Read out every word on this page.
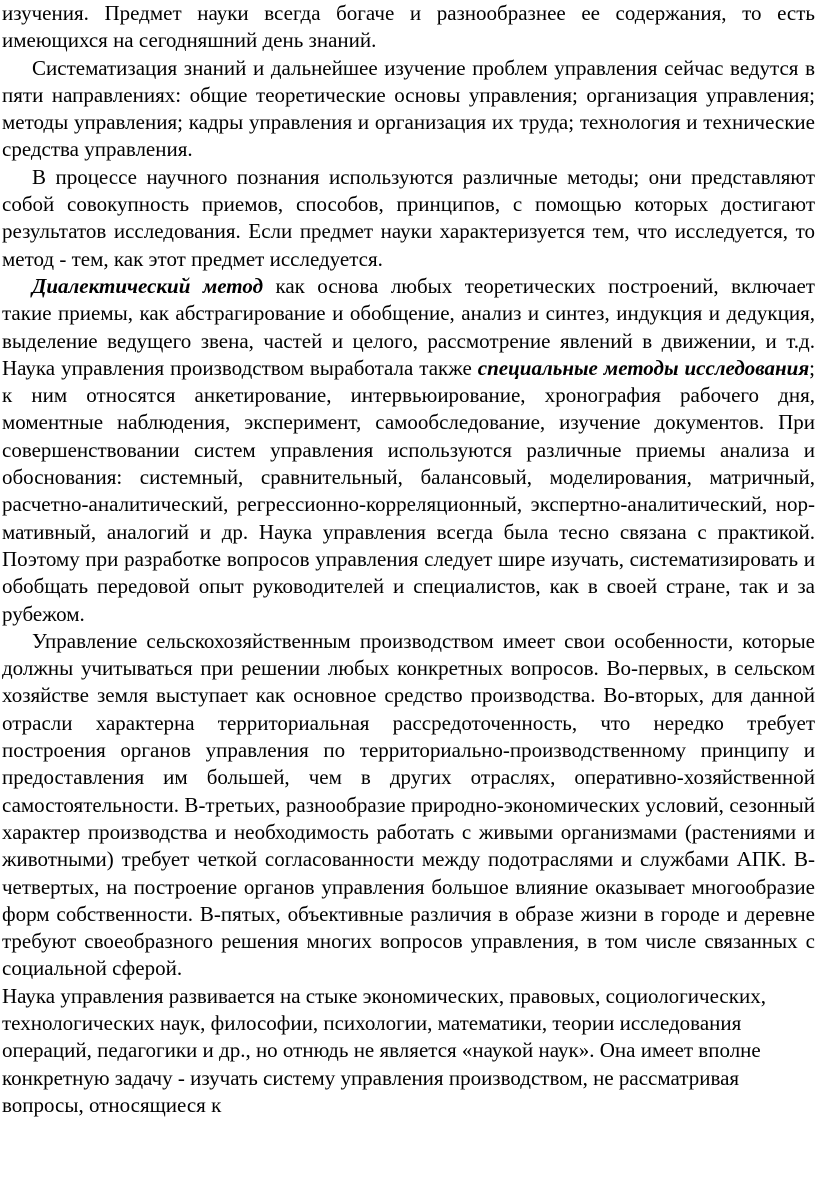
изучения. Предмет науки всегда богаче и разнообразнее ее содержания, то есть имеющихся на сегодняшний день знаний.

Систематизация знаний и дальнейшее изучение проблем управления сейчас ведутся в пяти направлениях: общие теоретические основы управления; организация управления; методы управления; кадры управления и организация их труда; технология и технические средства управления.

В процессе научного познания используются различные методы; они представляют собой совокупность приемов, способов, принципов, с помощью которых достигают результатов исследования. Если предмет науки характеризуется тем, что исследуется, то метод - тем, как этот предмет исследуется.

Диалектический метод как основа любых теоретических построений, включает такие приемы, как абстрагирование и обобщение, анализ и синтез, индукция и дедукция, выделение ведущего звена, частей и целого, рассмотрение явлений в движении, и т.д. Наука управления производством выработала также специальные методы исследования; к ним относятся анкетирование, интервьюирование, хронография рабочего дня, моментные наблюдения, эксперимент, самообследование, изучение документов. При совершенствовании систем управления используются различные приемы анализа и обоснования: системный, сравнительный, балансовый, моделирования, матричный, расчетно-аналитический, регрессионно-корреляционный, экспертно-аналитический, нормативный, аналогий и др. Наука управления всегда была тесно связана с практикой. Поэтому при разработке вопросов управления следует шире изучать, систематизировать и обобщать передовой опыт руководителей и специалистов, как в своей стране, так и за рубежом.

Управление сельскохозяйственным производством имеет свои особенности, которые должны учитываться при решении любых конкретных вопросов. Во-первых, в сельском хозяйстве земля выступает как основное средство производства. Во-вторых, для данной отрасли характерна территориальная рассредоточенность, что нередко требует построения органов управления по территориально-производственному принципу и предоставления им большей, чем в других отраслях, оперативно-хозяйственной самостоятельности. В-третьих, разнообразие природно-экономических условий, сезонный характер производства и необходимость работать с живыми организмами (растениями и животными) требует четкой согласованности между подотраслями и службами АПК. В-четвертых, на построение органов управления большое влияние оказывает многообразие форм собственности. В-пятых, объективные различия в образе жизни в городе и деревне требуют своеобразного решения многих вопросов управления, в том числе связанных с социальной сферой.

Наука управления развивается на стыке экономических, правовых, социологических, технологических наук, философии, психологии, математики, теории исследования операций, педагогики и др., но отнюдь не является «наукой наук». Она имеет вполне конкретную задачу - изучать систему управления производством, не рассматривая вопросы, относящиеся к
